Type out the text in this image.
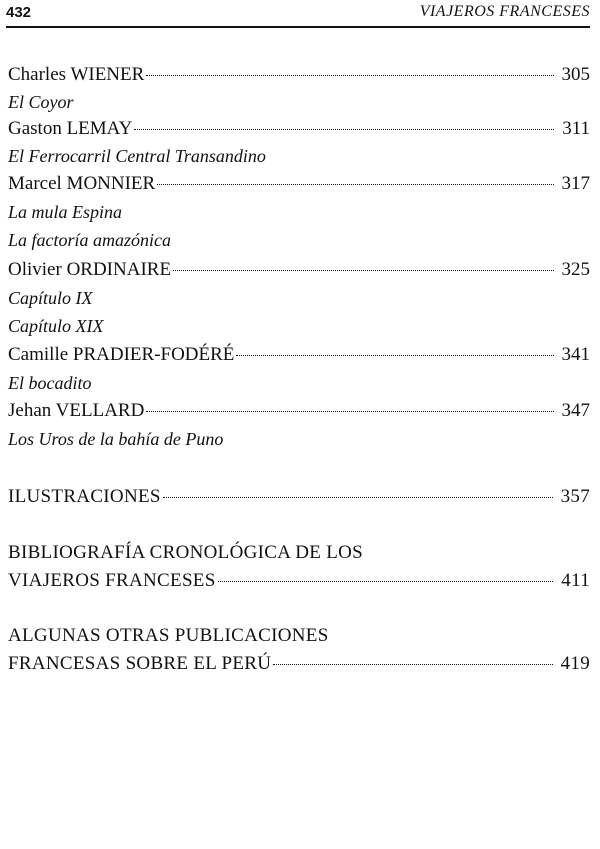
432	VIAJEROS FRANCESES
Charles WIENER	305
El Coyor
Gaston LEMAY	311
El Ferrocarril Central Transandino
Marcel MONNIER	317
La mula Espina
La factoría amazónica
Olivier ORDINAIRE	325
Capítulo IX
Capítulo XIX
Camille PRADIER-FODÉRÉ	341
El bocadito
Jehan VELLARD	347
Los Uros de la bahía de Puno
ILUSTRACIONES	357
BIBLIOGRAFÍA CRONOLÓGICA DE LOS
VIAJEROS FRANCESES	411
ALGUNAS OTRAS PUBLICACIONES
FRANCESAS SOBRE EL PERÚ	419
